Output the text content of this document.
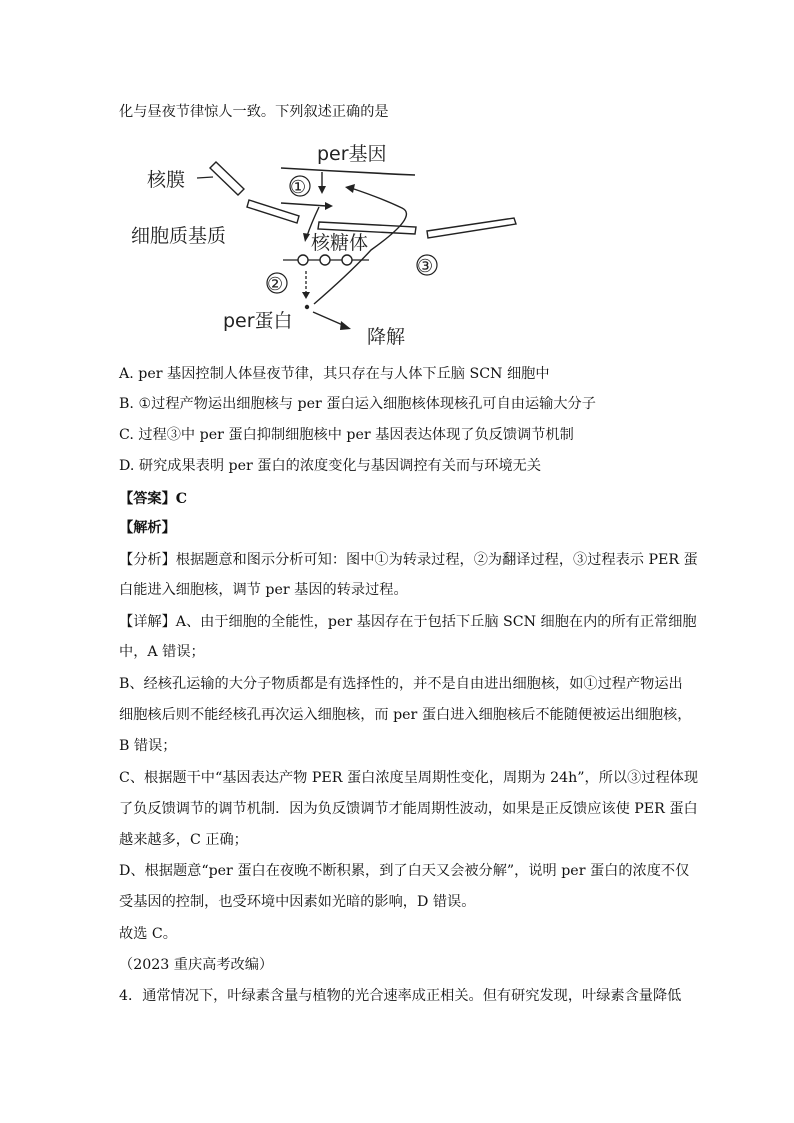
化与昼夜节律惊人一致。下列叙述正确的是
per基因
核膜
细胞质基质
①
核糖体
②
per蛋白
降解
③
A. per 基因控制人体昼夜节律，其只存在与人体下丘脑 SCN 细胞中
B. ①过程产物运出细胞核与 per 蛋白运入细胞核体现核孔可自由运输大分子
C. 过程③中 per 蛋白抑制细胞核中 per 基因表达体现了负反馈调节机制
D. 研究成果表明 per 蛋白的浓度变化与基因调控有关而与环境无关
【答案】C
【解析】
【分析】根据题意和图示分析可知：图中①为转录过程，②为翻译过程，③过程表示 PER 蛋
白能进入细胞核，调节 per 基因的转录过程。
【详解】A、由于细胞的全能性，per 基因存在于包括下丘脑 SCN 细胞在内的所有正常细胞
中，A 错误；
B、经核孔运输的大分子物质都是有选择性的，并不是自由进出细胞核，如①过程产物运出
细胞核后则不能经核孔再次运入细胞核，而 per 蛋白进入细胞核后不能随便被运出细胞核，
B 错误；
C、根据题干中“基因表达产物 PER 蛋白浓度呈周期性变化，周期为 24h”，所以③过程体现
了负反馈调节的调节机制．因为负反馈调节才能周期性波动，如果是正反馈应该使 PER 蛋白
越来越多，C 正确；
D、根据题意“per 蛋白在夜晚不断积累，到了白天又会被分解”，说明 per 蛋白的浓度不仅
受基因的控制，也受环境中因素如光暗的影响，D 错误。
故选 C。
（2023 重庆高考改编）
4．通常情况下，叶绿素含量与植物的光合速率成正相关。但有研究发现，叶绿素含量降低
